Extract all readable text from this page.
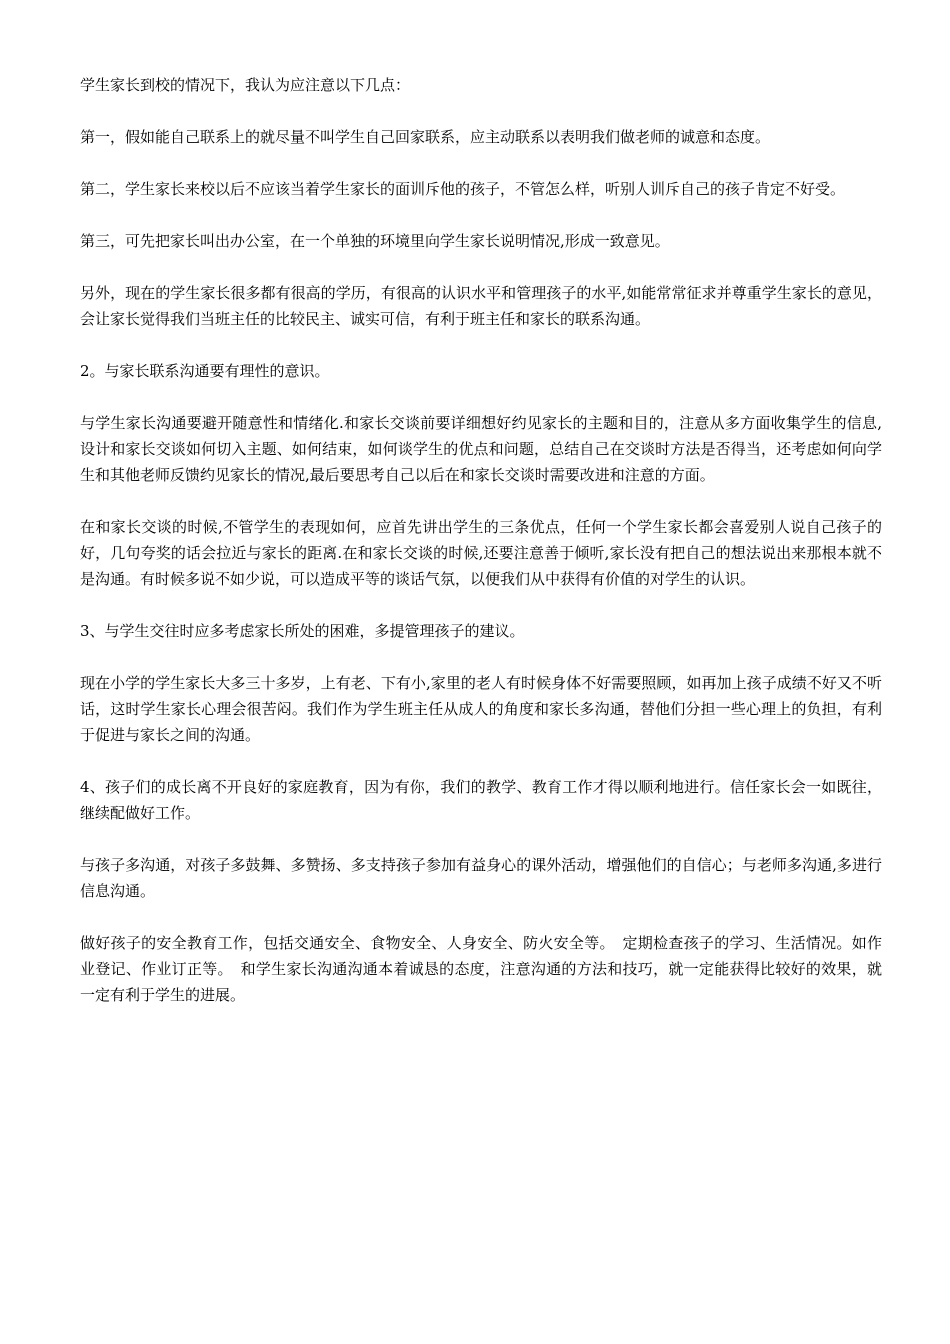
学生家长到校的情况下，我认为应注意以下几点：

第一，假如能自己联系上的就尽量不叫学生自己回家联系，应主动联系以表明我们做老师的诚意和态度。

第二，学生家长来校以后不应该当着学生家长的面训斥他的孩子，不管怎么样，听别人训斥自己的孩子肯定不好受。

第三，可先把家长叫出办公室，在一个单独的环境里向学生家长说明情况,形成一致意见。

另外，现在的学生家长很多都有很高的学历，有很高的认识水平和管理孩子的水平,如能常常征求并尊重学生家长的意见，会让家长觉得我们当班主任的比较民主、诚实可信，有利于班主任和家长的联系沟通。

2。与家长联系沟通要有理性的意识。

与学生家长沟通要避开随意性和情绪化.和家长交谈前要详细想好约见家长的主题和目的，注意从多方面收集学生的信息,设计和家长交谈如何切入主题、如何结束，如何谈学生的优点和问题，总结自己在交谈时方法是否得当，还考虑如何向学生和其他老师反馈约见家长的情况,最后要思考自己以后在和家长交谈时需要改进和注意的方面。

在和家长交谈的时候,不管学生的表现如何，应首先讲出学生的三条优点，任何一个学生家长都会喜爱别人说自己孩子的好，几句夸奖的话会拉近与家长的距离.在和家长交谈的时候,还要注意善于倾听,家长没有把自己的想法说出来那根本就不是沟通。有时候多说不如少说，可以造成平等的谈话气氛，以便我们从中获得有价值的对学生的认识。

3、与学生交往时应多考虑家长所处的困难，多提管理孩子的建议。

现在小学的学生家长大多三十多岁，上有老、下有小,家里的老人有时候身体不好需要照顾，如再加上孩子成绩不好又不听话，这时学生家长心理会很苦闷。我们作为学生班主任从成人的角度和家长多沟通，替他们分担一些心理上的负担，有利于促进与家长之间的沟通。

4、孩子们的成长离不开良好的家庭教育，因为有你，我们的教学、教育工作才得以顺利地进行。信任家长会一如既往，继续配做好工作。

与孩子多沟通，对孩子多鼓舞、多赞扬、多支持孩子参加有益身心的课外活动，增强他们的自信心；与老师多沟通,多进行信息沟通。

做好孩子的安全教育工作，包括交通安全、食物安全、人身安全、防火安全等。　定期检查孩子的学习、生活情况。如作业登记、作业订正等。　和学生家长沟通沟通本着诚恳的态度，注意沟通的方法和技巧，就一定能获得比较好的效果，就一定有利于学生的进展。
